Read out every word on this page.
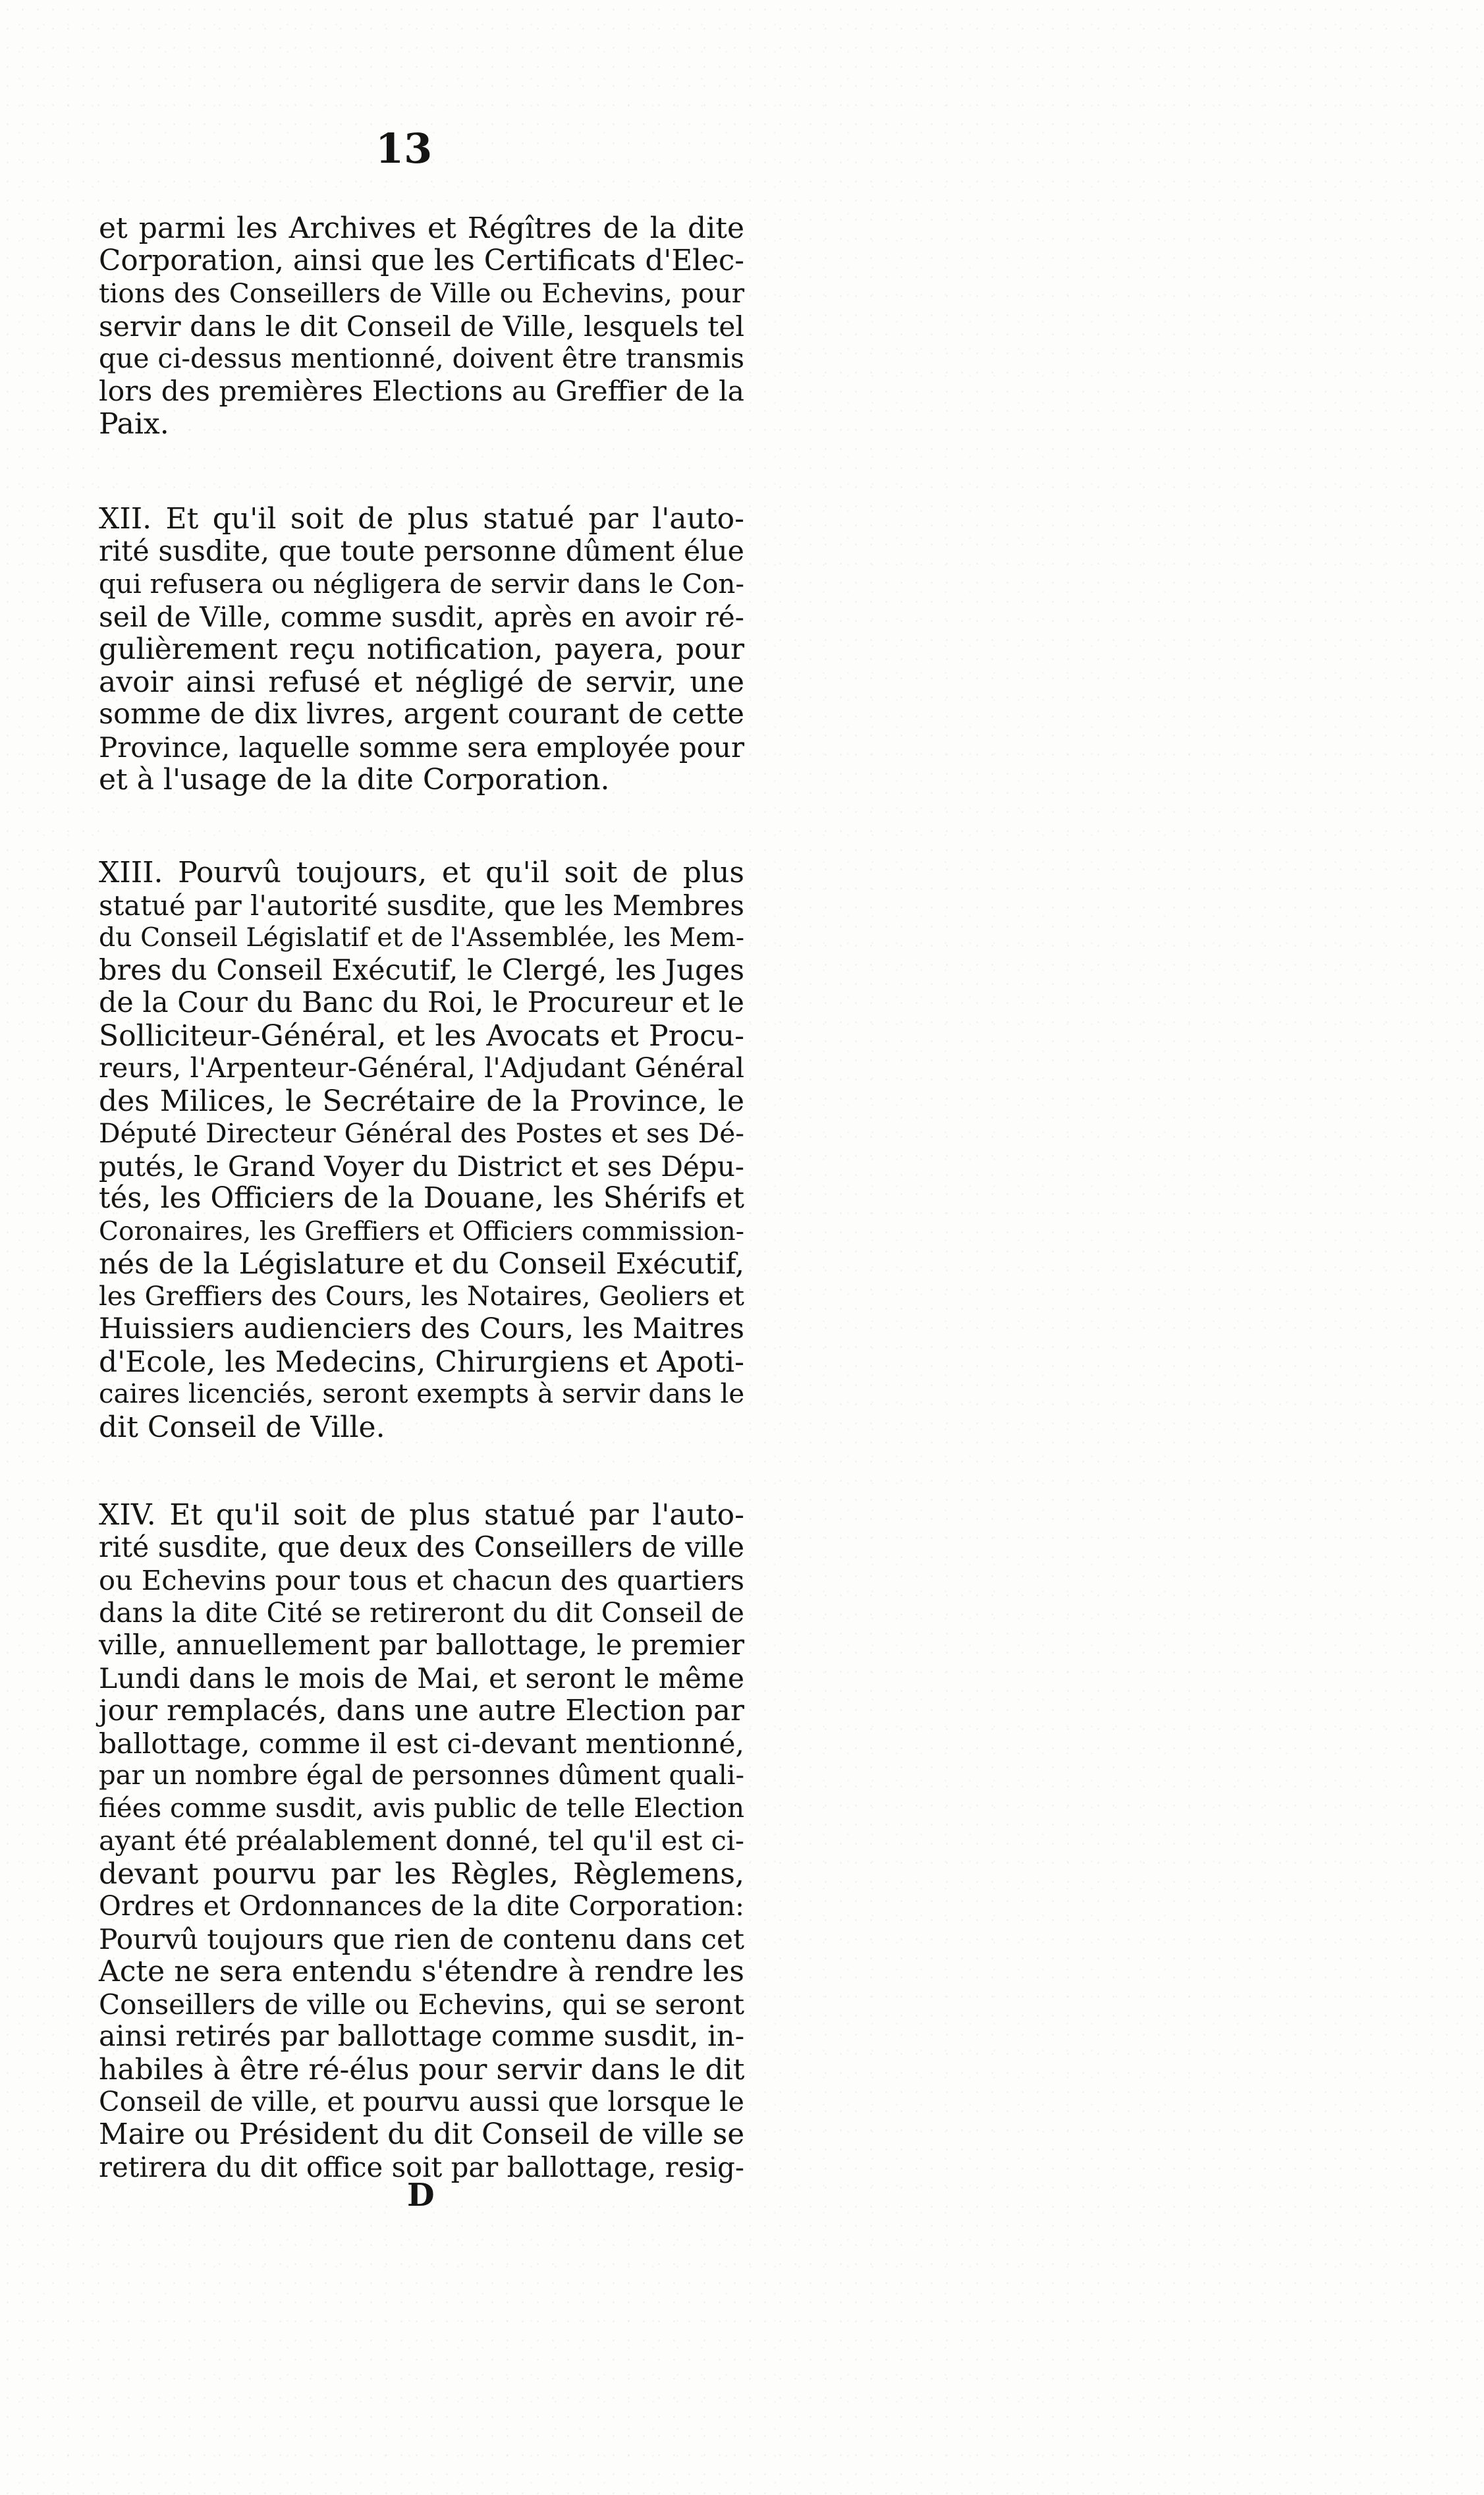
13
et parmi les Archives et Régîtres de la dite
Corporation, ainsi que les Certificats d'Elec-
tions des Conseillers de Ville ou Echevins, pour
servir dans le dit Conseil de Ville, lesquels tel
que ci-dessus mentionné, doivent être transmis
lors des premières Elections au Greffier de la
Paix.
XII. Et qu'il soit de plus statué par l'auto-
rité susdite, que toute personne dûment élue
qui refusera ou négligera de servir dans le Con-
seil de Ville, comme susdit, après en avoir ré-
gulièrement reçu notification, payera, pour
avoir ainsi refusé et négligé de servir, une
somme de dix livres, argent courant de cette
Province, laquelle somme sera employée pour
et à l'usage de la dite Corporation.
XIII. Pourvû toujours, et qu'il soit de plus
statué par l'autorité susdite, que les Membres
du Conseil Législatif et de l'Assemblée, les Mem-
bres du Conseil Exécutif, le Clergé, les Juges
de la Cour du Banc du Roi, le Procureur et le
Solliciteur-Général, et les Avocats et Procu-
reurs, l'Arpenteur-Général, l'Adjudant Général
des Milices, le Secrétaire de la Province, le
Député Directeur Général des Postes et ses Dé-
putés, le Grand Voyer du District et ses Dépu-
tés, les Officiers de la Douane, les Shérifs et
Coronaires, les Greffiers et Officiers commission-
nés de la Législature et du Conseil Exécutif,
les Greffiers des Cours, les Notaires, Geoliers et
Huissiers audienciers des Cours, les Maitres
d'Ecole, les Medecins, Chirurgiens et Apoti-
caires licenciés, seront exempts à servir dans le
dit Conseil de Ville.
XIV. Et qu'il soit de plus statué par l'auto-
rité susdite, que deux des Conseillers de ville
ou Echevins pour tous et chacun des quartiers
dans la dite Cité se retireront du dit Conseil de
ville, annuellement par ballottage, le premier
Lundi dans le mois de Mai, et seront le même
jour remplacés, dans une autre Election par
ballottage, comme il est ci-devant mentionné,
par un nombre égal de personnes dûment quali-
fiées comme susdit, avis public de telle Election
ayant été préalablement donné, tel qu'il est ci-
devant pourvu par les Règles, Règlemens,
Ordres et Ordonnances de la dite Corporation:
Pourvû toujours que rien de contenu dans cet
Acte ne sera entendu s'étendre à rendre les
Conseillers de ville ou Echevins, qui se seront
ainsi retirés par ballottage comme susdit, in-
habiles à être ré-élus pour servir dans le dit
Conseil de ville, et pourvu aussi que lorsque le
Maire ou Président du dit Conseil de ville se
retirera du dit office soit par ballottage, resig-
D
